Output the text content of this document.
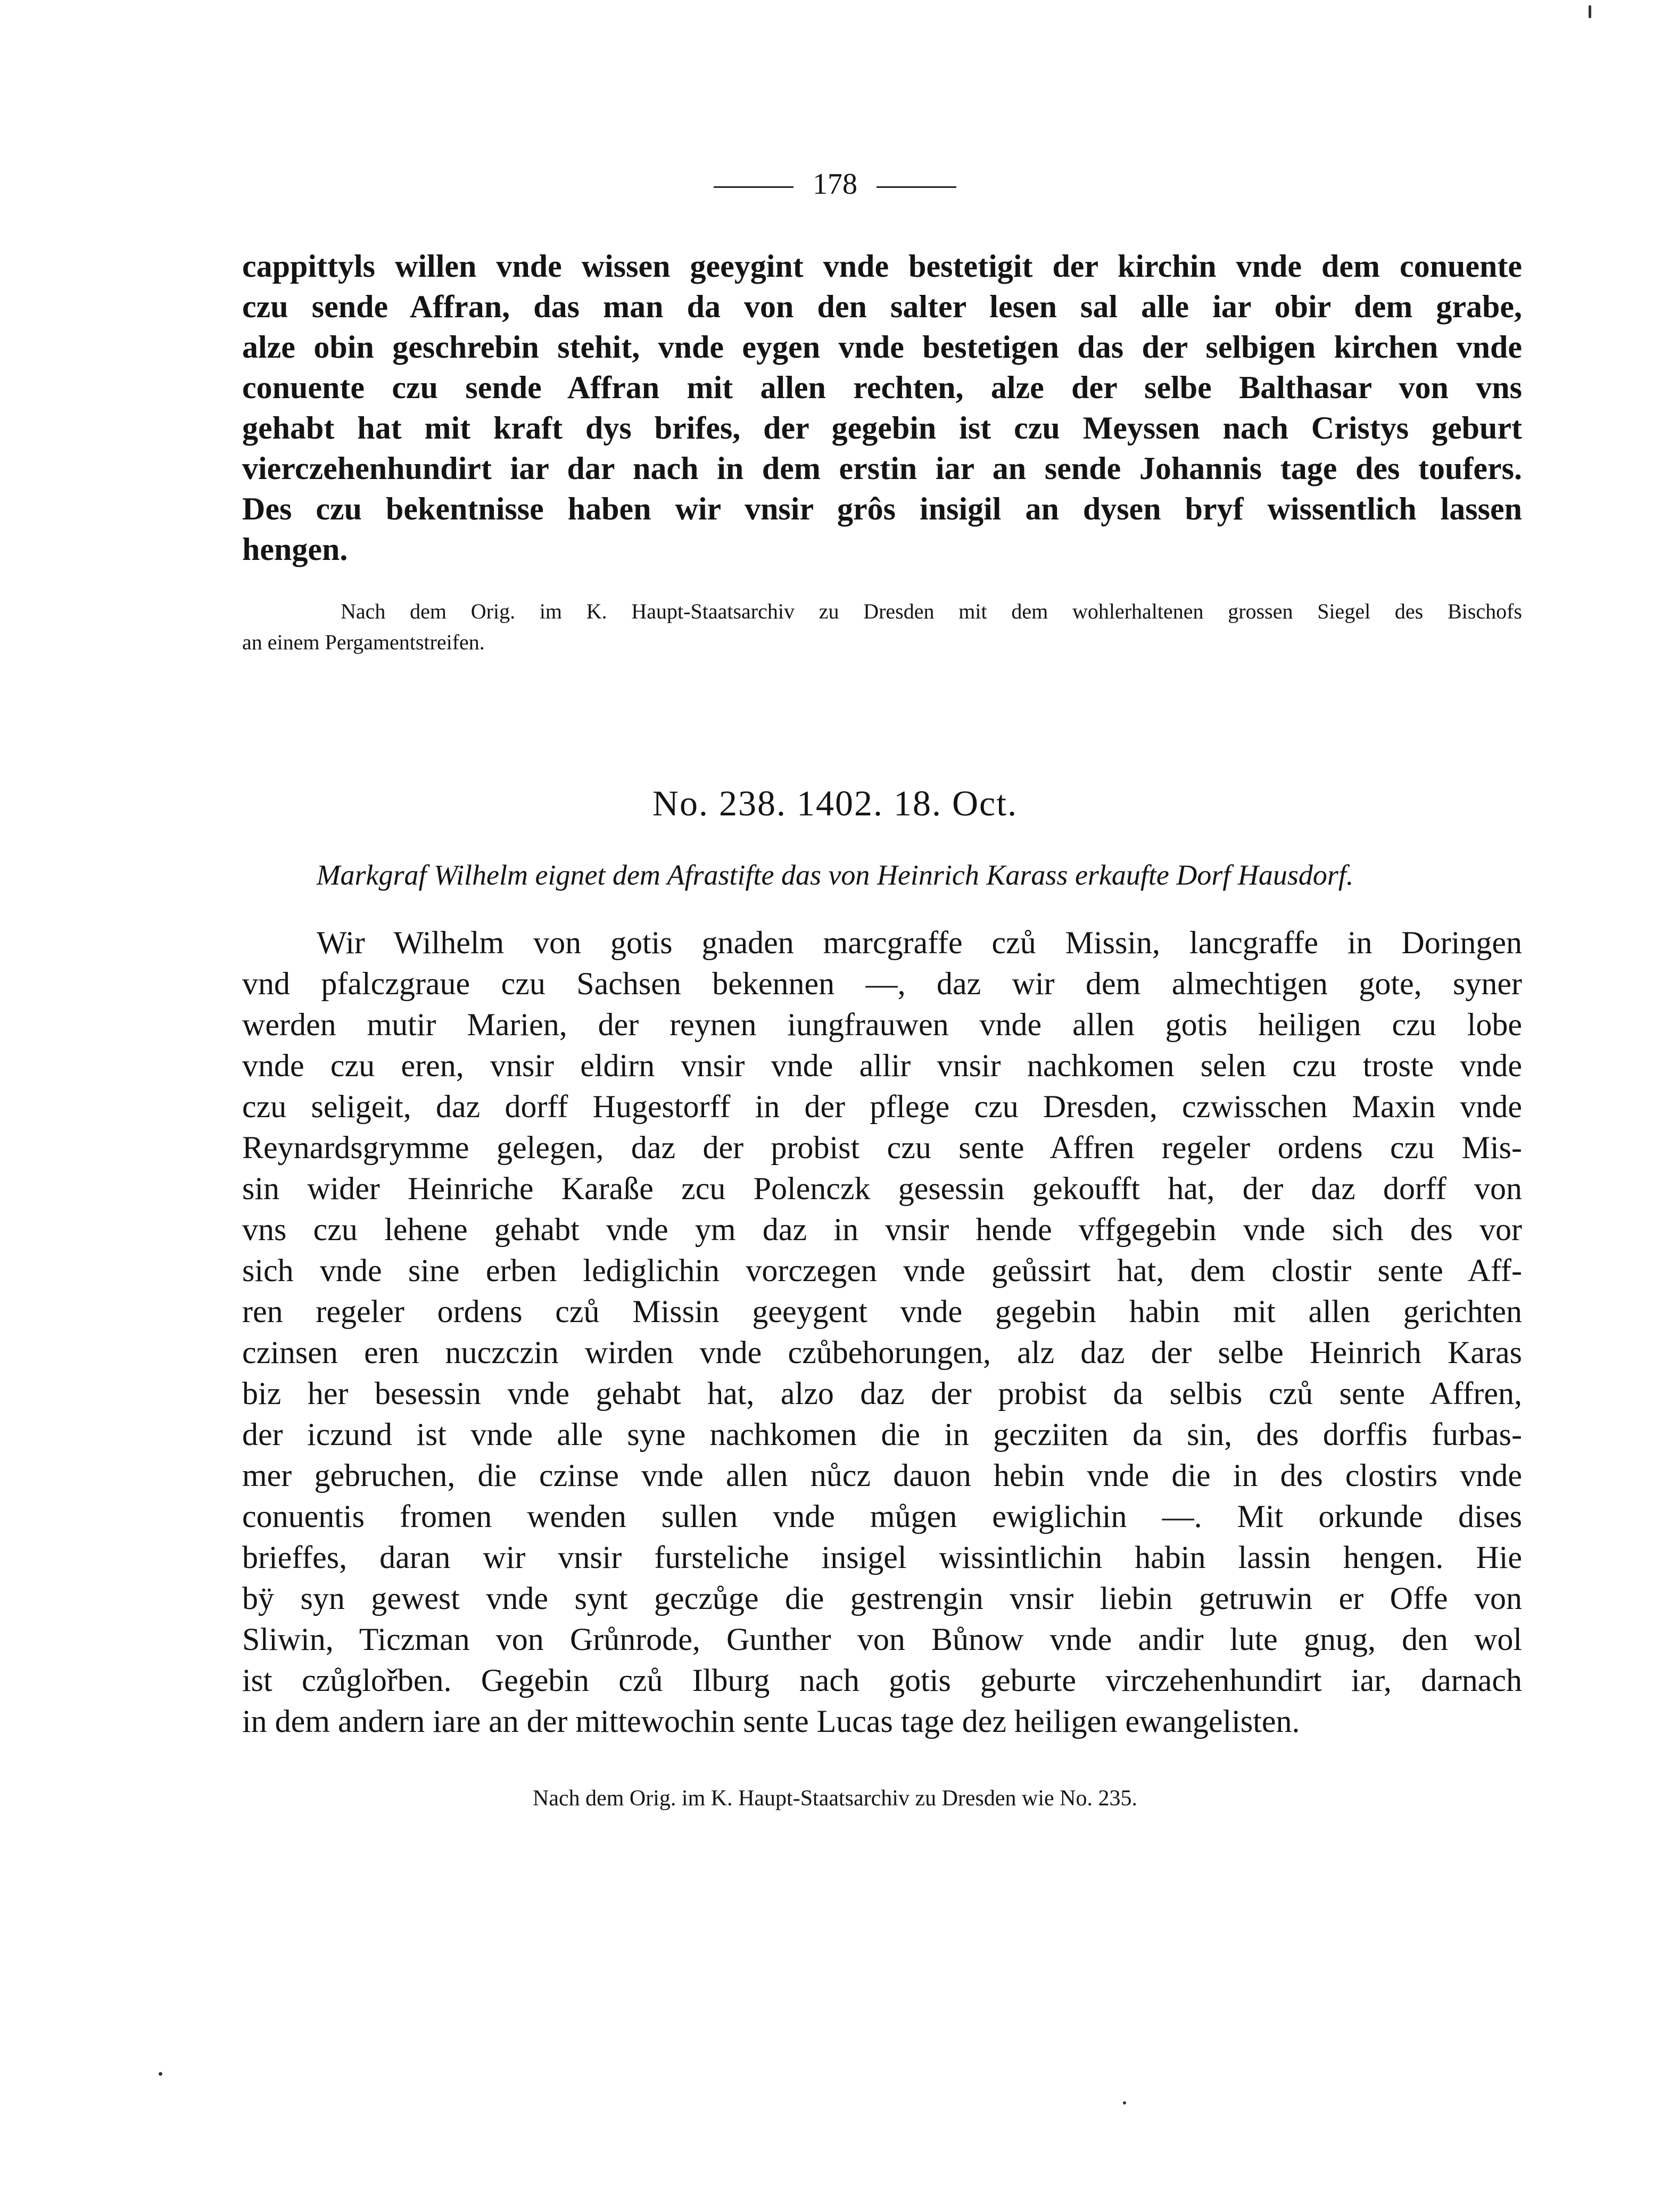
178
cappittyls willen vnde wissen geeygint vnde bestetigit der kirchin vnde dem conuente
czu sende Affran, das man da von den salter lesen sal alle iar obir dem grabe,
alze obin geschrebin stehit, vnde eygen vnde bestetigen das der selbigen kirchen vnde
conuente czu sende Affran mit allen rechten, alze der selbe Balthasar von vns
gehabt hat mit kraft dys brifes, der gegebin ist czu Meyssen nach Cristys geburt
vierczehenhundirt iar dar nach in dem erstin iar an sende Johannis tage des toufers.
Des czu bekentnisse haben wir vnsir grôs insigil an dysen bryf wissentlich lassen
hengen.
Nach dem Orig. im K. Haupt-Staatsarchiv zu Dresden mit dem wohlerhaltenen grossen Siegel des Bischofs
an einem Pergamentstreifen.
No. 238. 1402. 18. Oct.
Markgraf Wilhelm eignet dem Afrastifte das von Heinrich Karass erkaufte Dorf Hausdorf.
Wir Wilhelm von gotis gnaden marcgraffe czů Missin, lancgraffe in Doringen
vnd pfalczgraue czu Sachsen bekennen —, daz wir dem almechtigen gote, syner
werden mutir Marien, der reynen iungfrauwen vnde allen gotis heiligen czu lobe
vnde czu eren, vnsir eldirn vnsir vnde allir vnsir nachkomen selen czu troste vnde
czu seligeit, daz dorff Hugestorff in der pflege czu Dresden, czwisschen Maxin vnde
Reynardsgrymme gelegen, daz der probist czu sente Affren regeler ordens czu Mis-
sin wider Heinriche Karaße zcu Polenczk gesessin gekoufft hat, der daz dorff von
vns czu lehene gehabt vnde ym daz in vnsir hende vffgegebin vnde sich des vor
sich vnde sine erben lediglichin vorczegen vnde geůssirt hat, dem clostir sente Aff-
ren regeler ordens czů Missin geeygent vnde gegebin habin mit allen gerichten
czinsen eren nuczczin wirden vnde czůbehorungen, alz daz der selbe Heinrich Karas
biz her besessin vnde gehabt hat, alzo daz der probist da selbis czů sente Affren,
der iczund ist vnde alle syne nachkomen die in gecziiten da sin, des dorffis furbas-
mer gebruchen, die czinse vnde allen nůcz dauon hebin vnde die in des clostirs vnde
conuentis fromen wenden sullen vnde můgen ewiglichin —. Mit orkunde dises
brieffes, daran wir vnsir fursteliche insigel wissintlichin habin lassin hengen. Hie
bÿ syn gewest vnde synt geczůge die gestrengin vnsir liebin getruwin er Offe von
Sliwin, Ticzman von Grůnrode, Gunther von Bůnow vnde andir lute gnug, den wol
ist czůglořben. Gegebin czů Ilburg nach gotis geburte virczehenhundirt iar, darnach
in dem andern iare an der mittewochin sente Lucas tage dez heiligen ewangelisten.
Nach dem Orig. im K. Haupt-Staatsarchiv zu Dresden wie No. 235.
